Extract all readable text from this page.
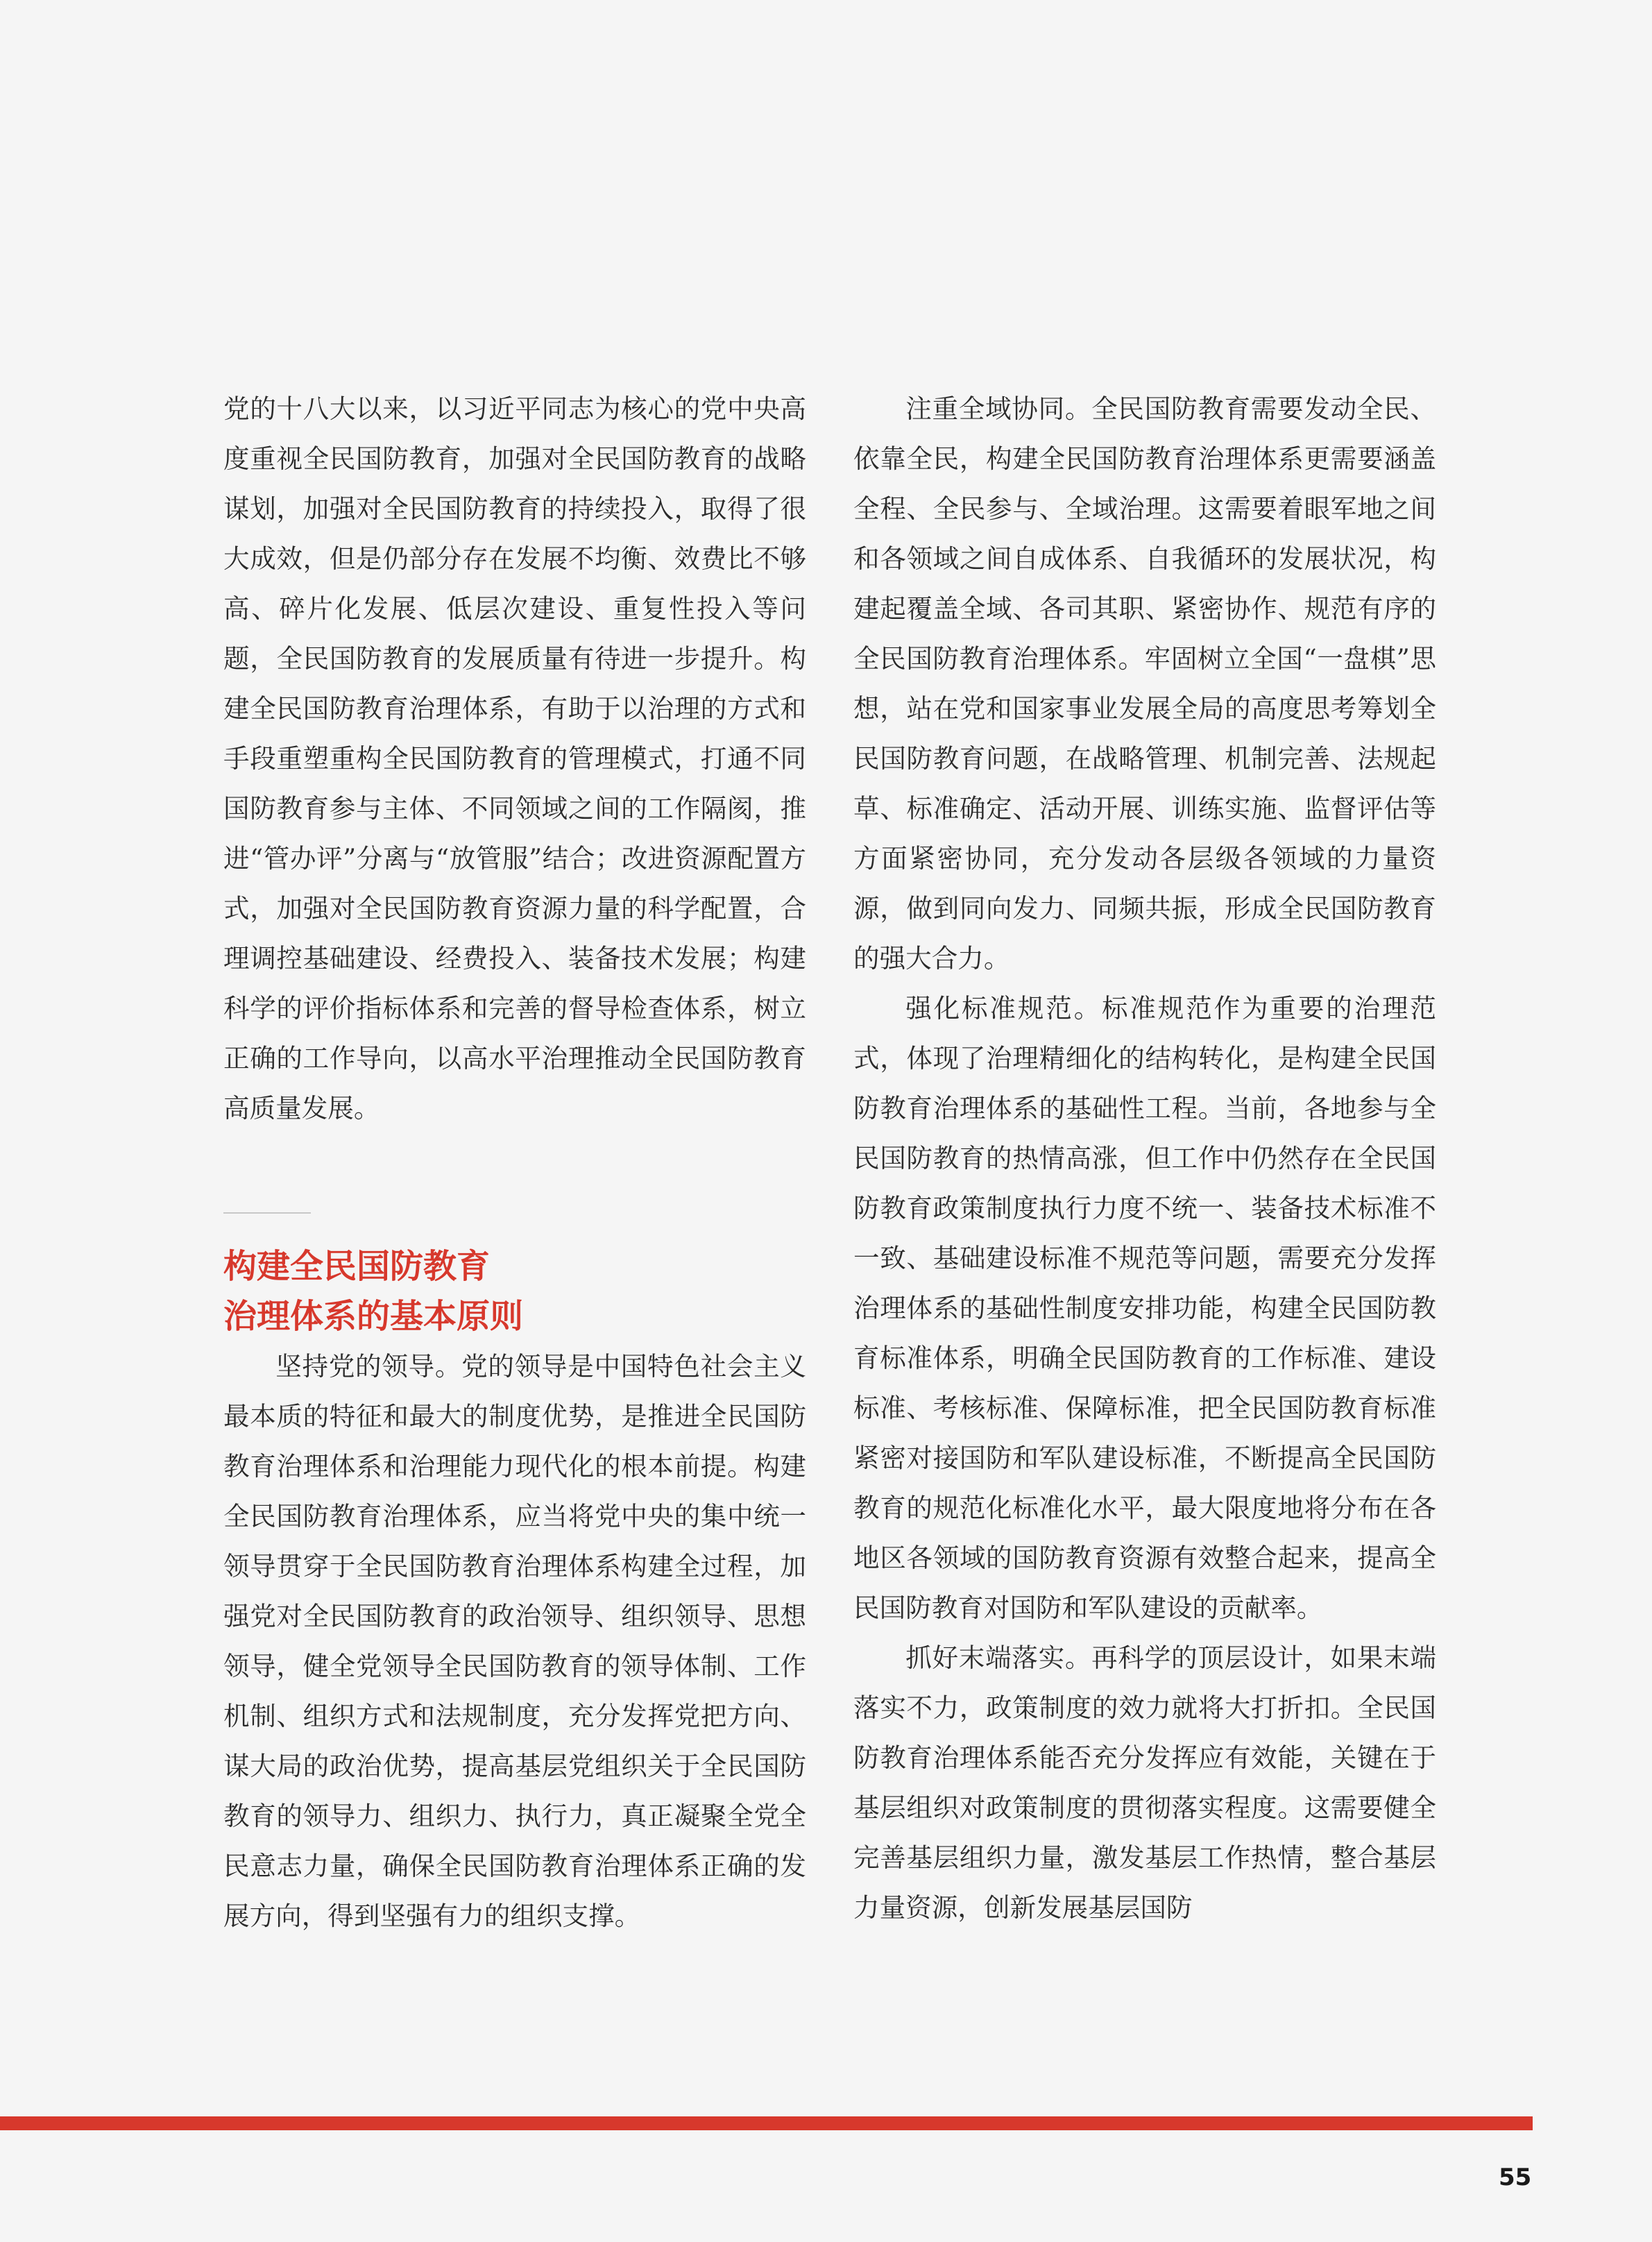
党的十八大以来，以习近平同志为核心的党中央高度重视全民国防教育，加强对全民国防教育的战略谋划，加强对全民国防教育的持续投入，取得了很大成效，但是仍部分存在发展不均衡、效费比不够高、碎片化发展、低层次建设、重复性投入等问题，全民国防教育的发展质量有待进一步提升。构建全民国防教育治理体系，有助于以治理的方式和手段重塑重构全民国防教育的管理模式，打通不同国防教育参与主体、不同领域之间的工作隔阂，推进“管办评”分离与“放管服”结合；改进资源配置方式，加强对全民国防教育资源力量的科学配置，合理调控基础建设、经费投入、装备技术发展；构建科学的评价指标体系和完善的督导检查体系，树立正确的工作导向，以高水平治理推动全民国防教育高质量发展。

构建全民国防教育

治理体系的基本原则

坚持党的领导。党的领导是中国特色社会主义最本质的特征和最大的制度优势，是推进全民国防教育治理体系和治理能力现代化的根本前提。构建全民国防教育治理体系，应当将党中央的集中统一领导贯穿于全民国防教育治理体系构建全过程，加强党对全民国防教育的政治领导、组织领导、思想领导，健全党领导全民国防教育的领导体制、工作机制、组织方式和法规制度，充分发挥党把方向、谋大局的政治优势，提高基层党组织关于全民国防教育的领导力、组织力、执行力，真正凝聚全党全民意志力量，确保全民国防教育治理体系正确的发展方向，得到坚强有力的组织支撑。

注重全域协同。全民国防教育需要发动全民、依靠全民，构建全民国防教育治理体系更需要涵盖全程、全民参与、全域治理。这需要着眼军地之间和各领域之间自成体系、自我循环的发展状况，构建起覆盖全域、各司其职、紧密协作、规范有序的全民国防教育治理体系。牢固树立全国“一盘棋”思想，站在党和国家事业发展全局的高度思考筹划全民国防教育问题，在战略管理、机制完善、法规起草、标准确定、活动开展、训练实施、监督评估等方面紧密协同，充分发动各层级各领域的力量资源，做到同向发力、同频共振，形成全民国防教育的强大合力。

强化标准规范。标准规范作为重要的治理范式，体现了治理精细化的结构转化，是构建全民国防教育治理体系的基础性工程。当前，各地参与全民国防教育的热情高涨，但工作中仍然存在全民国防教育政策制度执行力度不统一、装备技术标准不一致、基础建设标准不规范等问题，需要充分发挥治理体系的基础性制度安排功能，构建全民国防教育标准体系，明确全民国防教育的工作标准、建设标准、考核标准、保障标准，把全民国防教育标准紧密对接国防和军队建设标准，不断提高全民国防教育的规范化标准化水平，最大限度地将分布在各地区各领域的国防教育资源有效整合起来，提高全民国防教育对国防和军队建设的贡献率。

抓好末端落实。再科学的顶层设计，如果末端落实不力，政策制度的效力就将大打折扣。全民国防教育治理体系能否充分发挥应有效能，关键在于基层组织对政策制度的贯彻落实程度。这需要健全完善基层组织力量，激发基层工作热情，整合基层力量资源，创新发展基层国防

55
